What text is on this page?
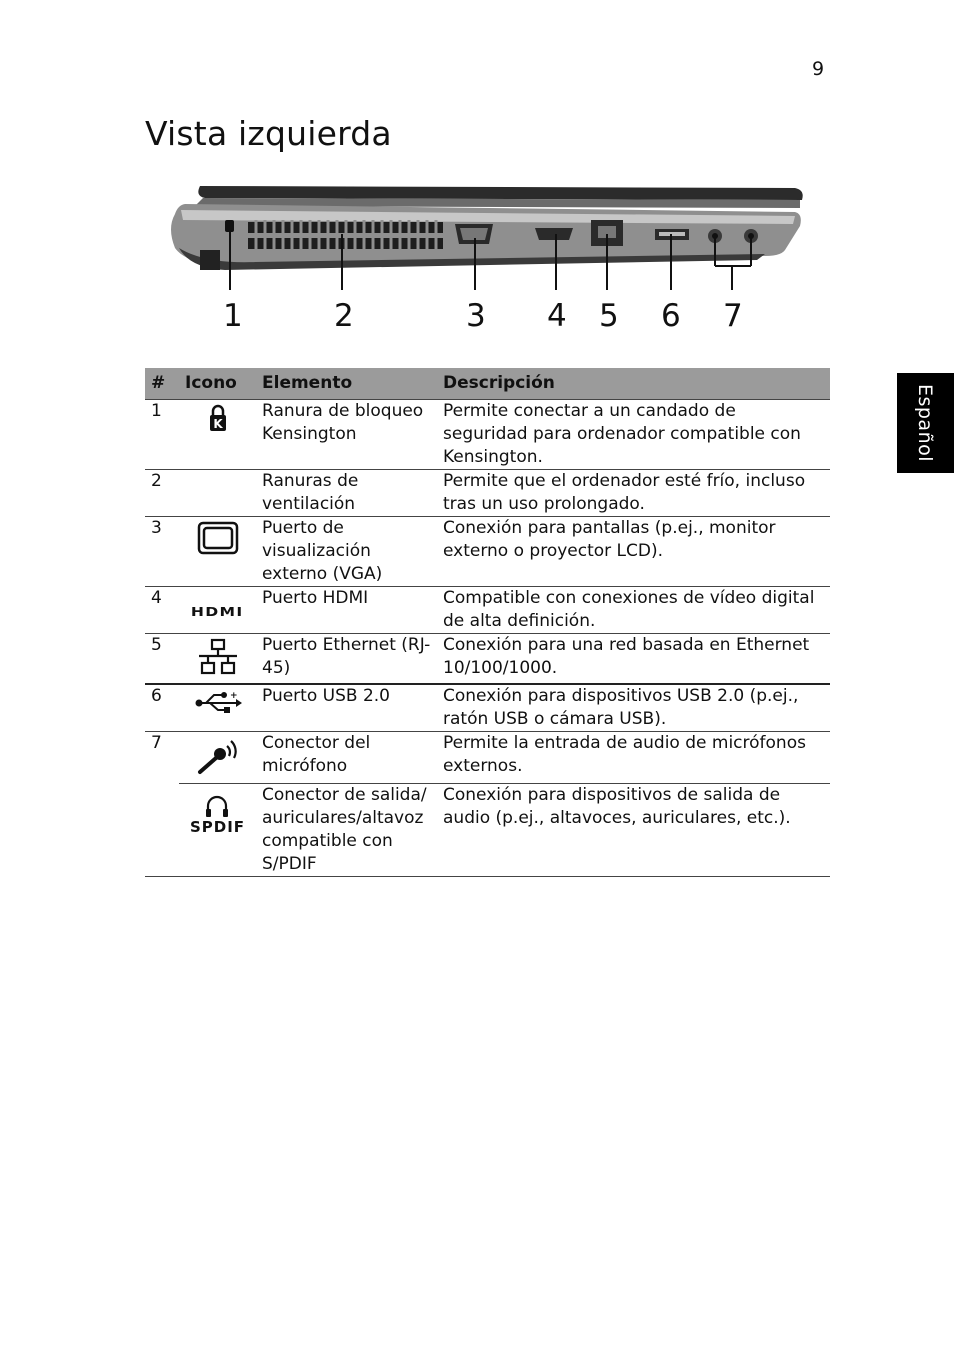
9
Vista izquierda
Español
1	2	3 4 5 6 7
#	Icono	Elemento	Descripción
1	K	Ranura de bloqueo Kensington	Permite conectar a un candado de seguridad para ordenador compatible con Kensington.
2		Ranuras de ventilación	Permite que el ordenador esté frío, incluso tras un uso prolongado.
3		Puerto de visualización externo (VGA)	Conexión para pantallas (p.ej., monitor externo o proyector LCD).
4	HDMI	Puerto HDMI	Compatible con conexiones de vídeo digital de alta definición.
5		Puerto Ethernet (RJ-45)	Conexión para una red basada en Ethernet 10/100/1000.
6	+	Puerto USB 2.0	Conexión para dispositivos USB 2.0 (p.ej., ratón USB o cámara USB).
7		Conector del micrófono	Permite la entrada de audio de micrófonos externos.

	SPDIF	Conector de salida/ auriculares/altavoz compatible con S/PDIF	Conexión para dispositivos de salida de audio (p.ej., altavoces, auriculares, etc.).
